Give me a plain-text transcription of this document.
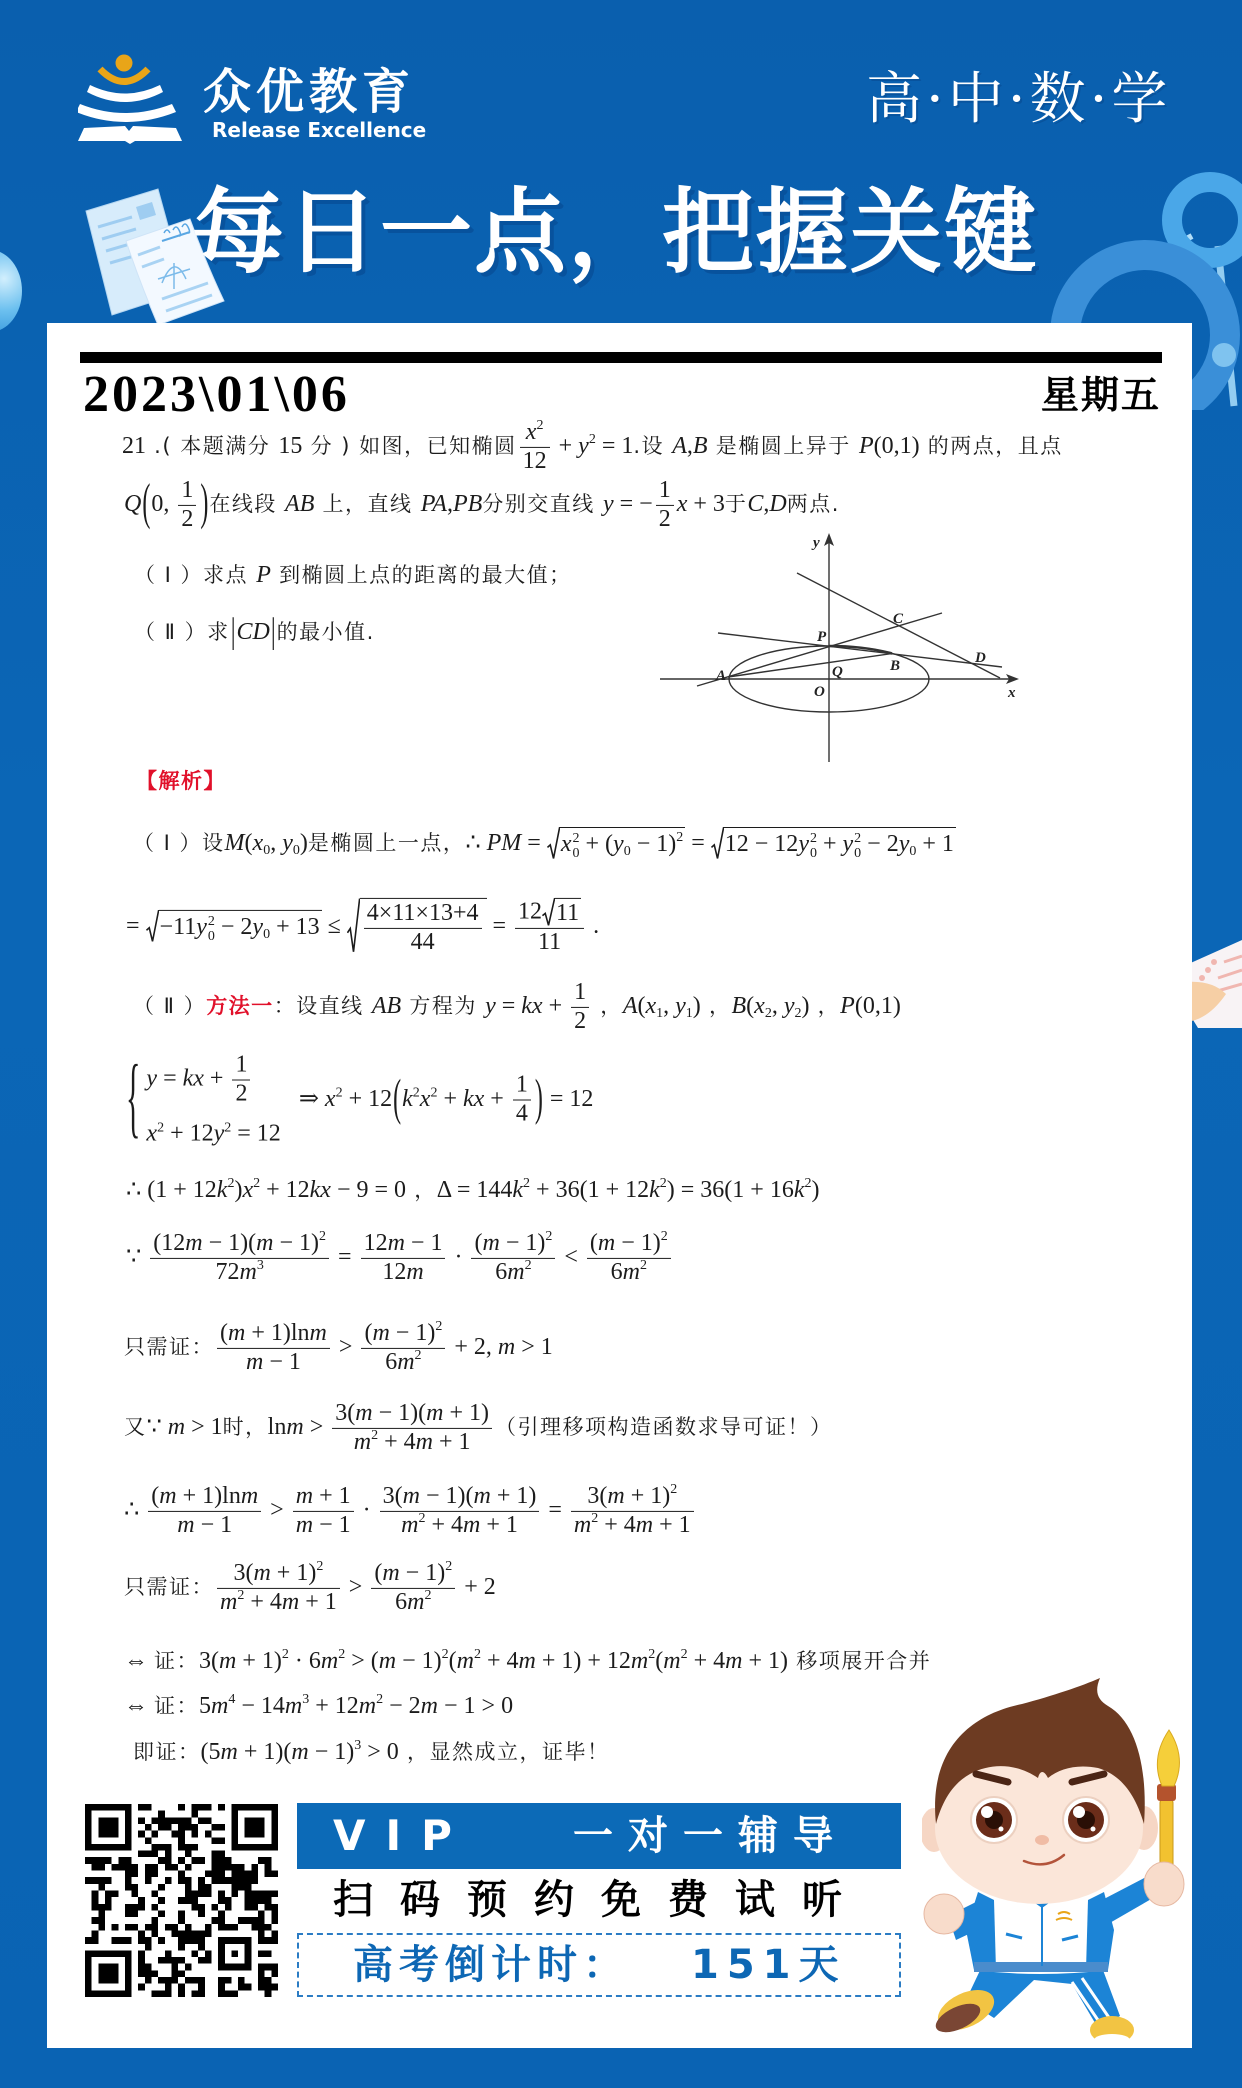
众优教育
Release Excellence	高·中·数·学
每日一点，把握关键
2023\01\06	星期五
21 .( 本题满分 15 分 ) 如图，已知椭圆 $\frac{x^2}{12} + y^2 = 1$.设 A,B 是椭圆上异于 P(0,1) 的两点，且点
Q(0, $\frac{1}{2}$ )在线段 AB 上，直线 PA,PB分别交直线 y = − $\frac{1}{2}$ x + 3于C,D两点.
（ Ⅰ ）求点 P 到椭圆上点的距离的最大值；
（ Ⅱ ）求|CD|的最小值.
y
x
O
P
Q
A
B
C
D
【解析】
（ Ⅰ ）设$M(x_0$, $y_0$)是椭圆上一点，∴ PM = x 2
$0 + (y_0 - 1)^2 = 12 - 12y$ 2
0 + y 2
$0 - 2y_0 + 1$
= −11y 2
$0 - 2y_0 + 13 \le \frac{4\times 11\times 13+4}{44} = \frac{12 11}{11}$ .
（ Ⅱ ）方法一：设直线 AB 方程为 y = kx + $\frac{1}{2}$ ，$A(x_1$, $y_1$) ，$B(x_2$, $y_2$) ，P(0,1)
{ y = kx + $\frac{1}{2}$
$x^2 + 12y^2 = 12$
⇒ $x^2 + 12(k^2x^2$ + kx + $\frac{1}{4}$ ) = 12
∴ $(1 + 12k^2)x^2 + 12kx - 9 = 0$ ，$\Delta = 144k^2 + 36(1 + 12k^2) = 36(1 + 16k^2)$
∵ $\frac{(12m - 1)(m - 1)^2}{72m^3} = \frac{12m - 1}{12m} \cdot \frac{(m - 1)^2}{6m^2} < \frac{(m - 1)^2}{6m^2}$
只需证： $\frac{(m + 1)\ln m}{m - 1} > \frac{(m - 1)^2}{6m^2} + 2$, m > 1
又∵ m > 1时，$\ln m > \frac{3(m - 1)(m + 1)}{m^2 + 4m + 1}$ （引理移项构造函数求导可证！）
∴ $\frac{(m + 1)\ln m}{m - 1} > \frac{m + 1}{m - 1} \cdot \frac{3(m - 1)(m + 1)}{m^2 + 4m + 1} = \frac{3(m + 1)^2}{m^2 + 4m + 1}$
只需证： $\frac{3(m + 1)^2}{m^2 + 4m + 1} > \frac{(m - 1)^2}{6m^2} + 2$
⇔ 证：$3(m + 1)^2 \cdot 6m^2 > (m - 1)^2(m^2 + 4m + 1) + 12m^2(m^2 + 4m + 1)$ 移项展开合并
⇔ 证：$5m^4 - 14m^3 + 12m^2 - 2m - 1 > 0$
即证：$(5m + 1)(m - 1)^3 > 0$ ，显然成立，证毕！
VIP	一对一辅导
扫码预约免费试听
高考倒计时： 151天
